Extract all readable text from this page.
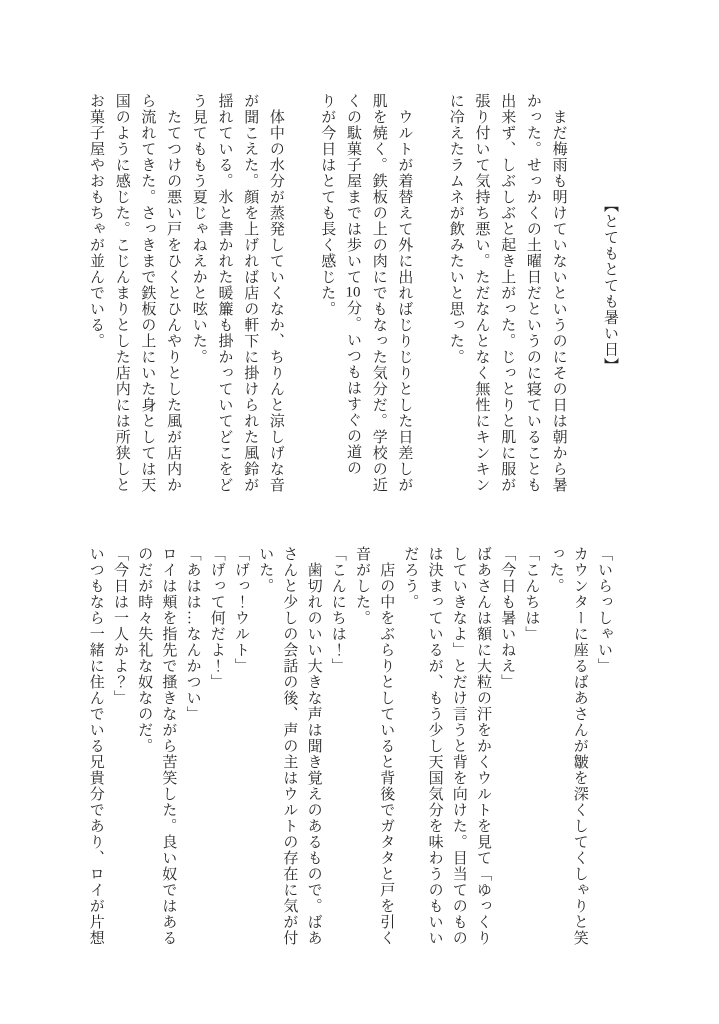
　　　　　　　【とてもとても暑い日】
　まだ梅雨も明けていないというのにその日は朝から暑
かった。せっかくの土曜日だというのに寝ていることも
出来ず、しぶしぶと起き上がった。じっとりと肌に服が
張り付いて気持ち悪い。ただなんとなく無性にキンキン
に冷えたラムネが飲みたいと思った。
　ウルトが着替えて外に出ればじりじりとした日差しが
肌を焼く。鉄板の上の肉にでもなった気分だ。学校の近
くの駄菓子屋までは歩いて10分。いつもはすぐの道の
りが今日はとても長く感じた。
　体中の水分が蒸発していくなか、ちりんと涼しげな音
が聞こえた。顔を上げれば店の軒下に掛けられた風鈴が
揺れている。氷と書かれた暖簾も掛かっていてどこをど
う見てももう夏じゃねえかと呟いた。
　たてつけの悪い戸をひくとひんやりとした風が店内か
ら流れてきた。さっきまで鉄板の上にいた身としては天
国のように感じた。こじんまりとした店内には所狭しと
お菓子屋やおもちゃが並んでいる。
「いらっしゃい」
カウンターに座るばあさんが皺を深くしてくしゃりと笑
った。
「こんちは」
「今日も暑いねえ」
ばあさんは額に大粒の汗をかくウルトを見て「ゆっくり
していきなよ」とだけ言うと背を向けた。目当てのもの
は決まっているが、もう少し天国気分を味わうのもいい
だろう。
　店の中をぶらりとしていると背後でガタタと戸を引く
音がした。
「こんにちは！」
　歯切れのいい大きな声は聞き覚えのあるもので。ばあ
さんと少しの会話の後、声の主はウルトの存在に気が付
いた。
「げっ！ウルト」
「げって何だよ！」
「あはは…なんかつい」
ロイは頬を指先で搔きながら苦笑した。良い奴ではある
のだが時々失礼な奴なのだ。
「今日は一人かよ？」
いつもなら一緒に住んでいる兄貴分であり、ロイが片想
